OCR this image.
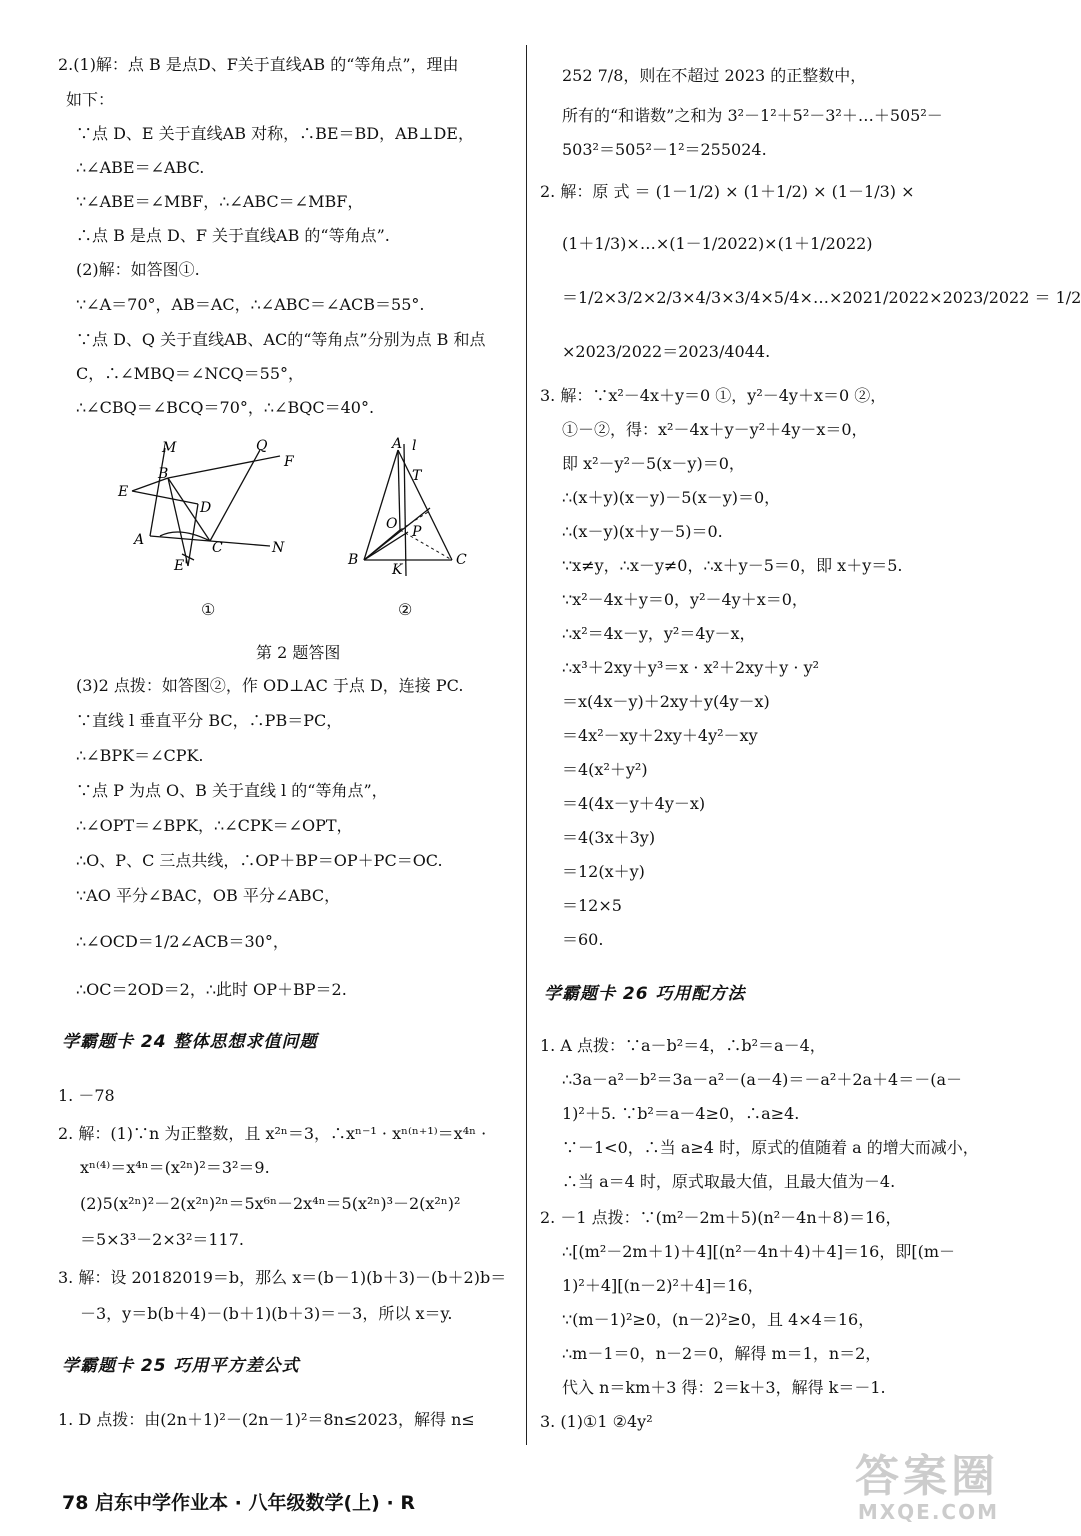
2.(1)解：点 B 是点D、F关于直线AB 的“等角点”，理由
如下：
∵点 D、E 关于直线AB 对称，∴BE＝BD，AB⊥DE，
∴∠ABE＝∠ABC.
∵∠ABE＝∠MBF，∴∠ABC＝∠MBF，
∴点 B 是点 D、F 关于直线AB 的“等角点”.
(2)解：如答图①.
∵∠A＝70°，AB＝AC，∴∠ABC＝∠ACB＝55°.
∵点 D、Q 关于直线AB、AC的“等角点”分别为点 B 和点
C，∴∠MBQ＝∠NCQ＝55°，
∴∠CBQ＝∠BCQ＝70°，∴∠BQC＝40°.
M	Q
B
F
E
D
A	C	N
E'
A l
T
O P
B
K
C
①	②
第 2 题答图
(3)2 点拨：如答图②，作 OD⊥AC 于点 D，连接 PC.
∵直线 l 垂直平分 BC，∴PB＝PC，
∴∠BPK＝∠CPK.
∵点 P 为点 O、B 关于直线 l 的“等角点”，
∴∠OPT＝∠BPK，∴∠CPK＝∠OPT，
∴O、P、C 三点共线，∴OP＋BP＝OP＋PC＝OC.
∵AO 平分∠BAC，OB 平分∠ABC，
∴∠OCD＝1/2∠ACB＝30°，
∴OC＝2OD＝2，∴此时 OP＋BP＝2.
学霸题卡 24 整体思想求值问题
1. －78
2. 解：(1)∵n 为正整数，且 x²ⁿ＝3，∴xⁿ⁻¹ · xⁿ⁽ⁿ⁺¹⁾＝x⁴ⁿ ·
xⁿ⁽⁴⁾＝x⁴ⁿ＝(x²ⁿ)²＝3²＝9.
(2)5(x²ⁿ)²－2(x²ⁿ)²ⁿ＝5x⁶ⁿ－2x⁴ⁿ＝5(x²ⁿ)³－2(x²ⁿ)²
＝5×3³－2×3²＝117.
3. 解：设 20182019＝b，那么 x＝(b－1)(b＋3)－(b＋2)b＝
－3，y＝b(b＋4)－(b＋1)(b＋3)＝－3，所以 x＝y.
学霸题卡 25 巧用平方差公式
1. D 点拨：由(2n＋1)²－(2n－1)²＝8n≤2023，解得 n≤
252 7/8，则在不超过 2023 的正整数中，
所有的“和谐数”之和为 3²－1²＋5²－3²＋…＋505²－
503²＝505²－1²＝255024.
2. 解：原 式 ＝ (1－1/2) × (1＋1/2) × (1－1/3) ×
(1＋1/3)×…×(1－1/2022)×(1＋1/2022)
＝1/2×3/2×2/3×4/3×3/4×5/4×…×2021/2022×2023/2022 ＝ 1/2
×2023/2022＝2023/4044.
3. 解：∵x²－4x＋y＝0 ①，y²－4y＋x＝0 ②，
①－②，得：x²－4x＋y－y²＋4y－x＝0，
即 x²－y²－5(x－y)＝0，
∴(x＋y)(x－y)－5(x－y)＝0，
∴(x－y)(x＋y－5)＝0.
∵x≠y，∴x－y≠0，∴x＋y－5＝0，即 x＋y＝5.
∵x²－4x＋y＝0，y²－4y＋x＝0，
∴x²＝4x－y，y²＝4y－x，
∴x³＋2xy＋y³＝x · x²＋2xy＋y · y²
＝x(4x－y)＋2xy＋y(4y－x)
＝4x²－xy＋2xy＋4y²－xy
＝4(x²＋y²)
＝4(4x－y＋4y－x)
＝4(3x＋3y)
＝12(x＋y)
＝12×5
＝60.
学霸题卡 26 巧用配方法
1. A 点拨：∵a－b²＝4，∴b²＝a－4，
∴3a－a²－b²＝3a－a²－(a－4)＝－a²＋2a＋4＝－(a－
1)²＋5. ∵b²＝a－4≥0，∴a≥4.
∵－1<0，∴当 a≥4 时，原式的值随着 a 的增大而减小，
∴当 a＝4 时，原式取最大值，且最大值为－4.
2. －1 点拨：∵(m²－2m＋5)(n²－4n＋8)＝16，
∴[(m²－2m＋1)＋4][(n²－4n＋4)＋4]＝16，即[(m－
1)²＋4][(n－2)²＋4]＝16，
∵(m－1)²≥0，(n－2)²≥0，且 4×4＝16，
∴m－1＝0，n－2＝0，解得 m＝1，n＝2，
代入 n＝km＋3 得：2＝k＋3，解得 k＝－1.
3. (1)①1 ②4y²
78 启东中学作业本 · 八年级数学(上) · R
答案圈
MXQE.COM
